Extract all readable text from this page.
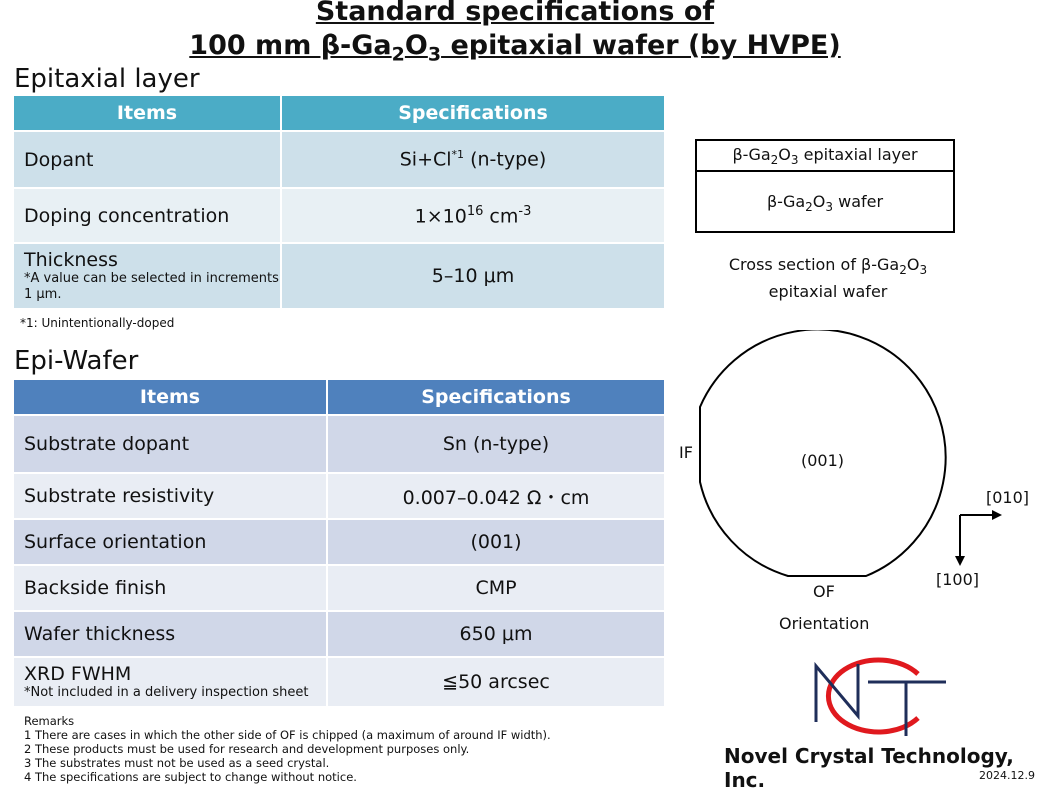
Standard specifications of
100 mm $\beta-Ga_2O_3$ epitaxial wafer (by HVPE)
Epitaxial layer
Items	Specifications
Dopant	$Si+Cl^{*1}$ (n-type)
Doping concentration	$1\times 10^{16}$ $cm^{-3}$
Thickness
*A value can be selected in increments 1 μm.	5–10 μm
*1: Unintentionally-doped
Epi-Wafer
Items	Specifications
Substrate dopant	Sn (n-type)
Substrate resistivity	0.007–0.042 Ω・cm
Surface orientation	(001)
Backside finish	CMP
Wafer thickness	650 μm
XRD FWHM
*Not included in a delivery inspection sheet	≦50 arcsec
Remarks
1 There are cases in which the other side of OF is chipped (a maximum of around IF width).
2 These products must be used for research and development purposes only.
3 The substrates must not be used as a seed crystal.
4 The specifications are subject to change without notice.
$\beta-Ga_2O_3$ epitaxial layer
$\beta-Ga_2O_3$ wafer
Cross section of $\beta-Ga_2O_3$
epitaxial wafer
IF	(001)
[010]
[100]
OF
Orientation
Novel Crystal Technology, Inc.	2024.12.9
